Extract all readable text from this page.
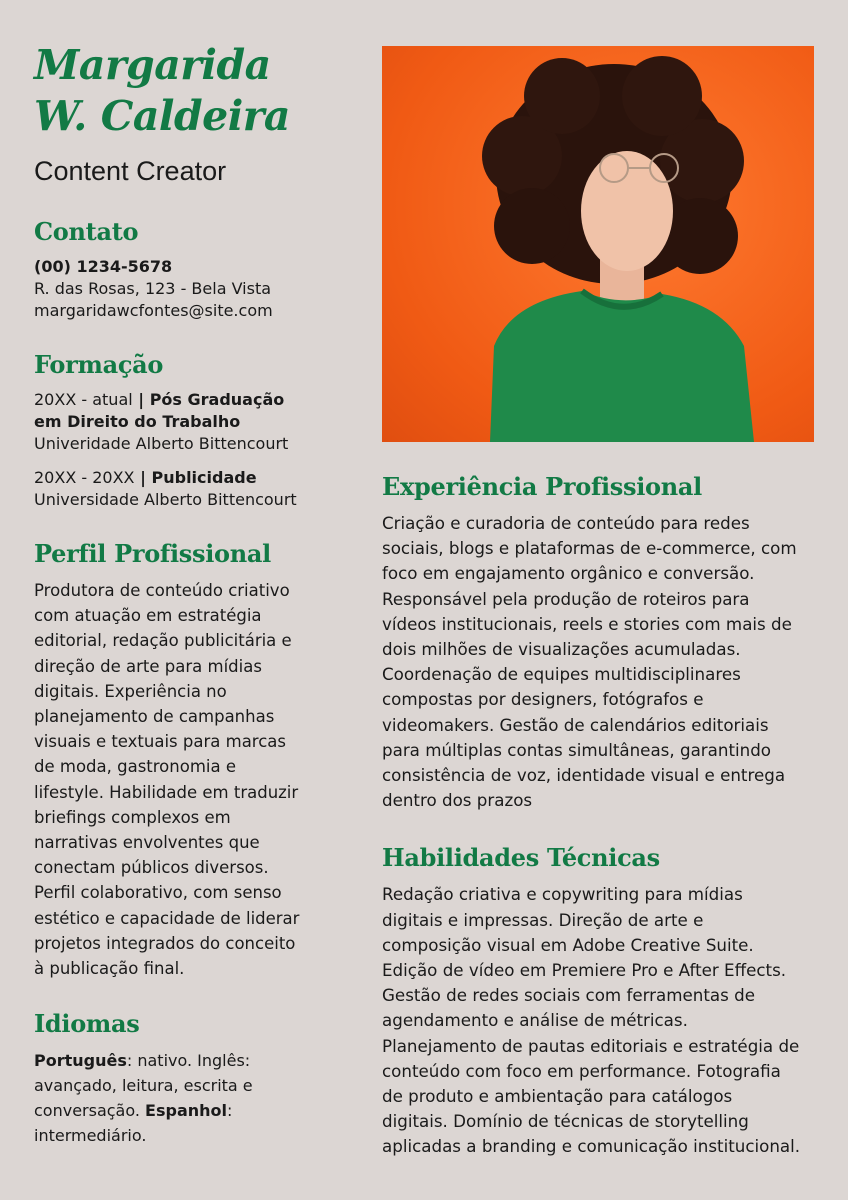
Margarida
W. Caldeira
Content Creator
Contato
(00) 1234-5678
R. das Rosas, 123 - Bela Vista
margaridawcfontes@site.com
Formação
20XX - atual | Pós Graduação
em Direito do Trabalho
Univeridade Alberto Bittencourt
20XX - 20XX | Publicidade
Universidade Alberto Bittencourt
Perfil Profissional
Produtora de conteúdo criativo
com atuação em estratégia
editorial, redação publicitária e
direção de arte para mídias
digitais. Experiência no
planejamento de campanhas
visuais e textuais para marcas
de moda, gastronomia e
lifestyle. Habilidade em traduzir
briefings complexos em
narrativas envolventes que
conectam públicos diversos.
Perfil colaborativo, com senso
estético e capacidade de liderar
projetos integrados do conceito
à publicação final.
Idiomas
Português: nativo. Inglês:
avançado, leitura, escrita e
conversação. Espanhol:
intermediário.
Experiência Profissional
Criação e curadoria de conteúdo para redes
sociais, blogs e plataformas de e-commerce, com
foco em engajamento orgânico e conversão.
Responsável pela produção de roteiros para
vídeos institucionais, reels e stories com mais de
dois milhões de visualizações acumuladas.
Coordenação de equipes multidisciplinares
compostas por designers, fotógrafos e
videomakers. Gestão de calendários editoriais
para múltiplas contas simultâneas, garantindo
consistência de voz, identidade visual e entrega
dentro dos prazos
Habilidades Técnicas
Redação criativa e copywriting para mídias
digitais e impressas. Direção de arte e
composição visual em Adobe Creative Suite.
Edição de vídeo em Premiere Pro e After Effects.
Gestão de redes sociais com ferramentas de
agendamento e análise de métricas.
Planejamento de pautas editoriais e estratégia de
conteúdo com foco em performance. Fotografia
de produto e ambientação para catálogos
digitais. Domínio de técnicas de storytelling
aplicadas a branding e comunicação institucional.
